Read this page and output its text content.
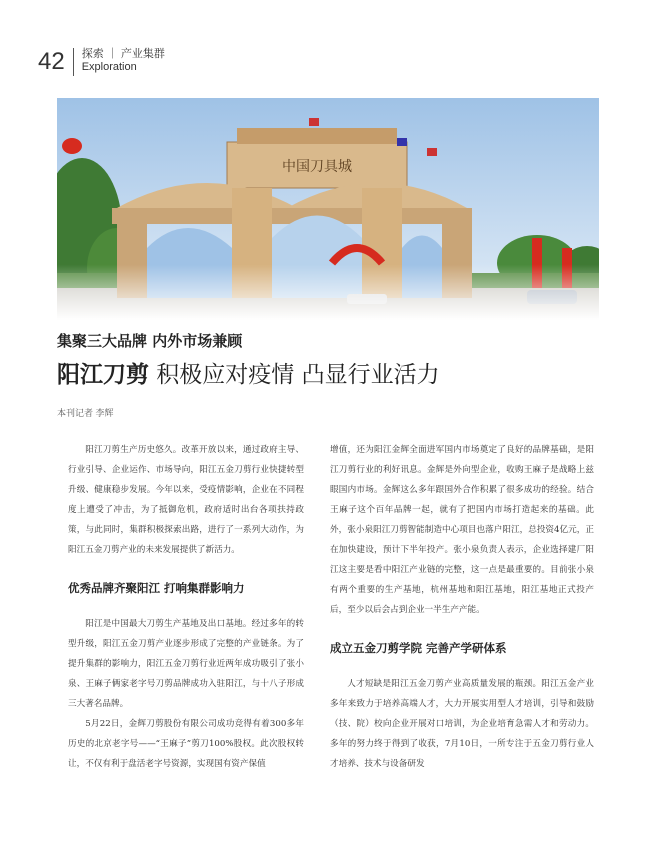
42 探索 ｜ 产业集群
Exploration
集聚三大品牌 内外市场兼顾
阳江刀剪 积极应对疫情 凸显行业活力
本刊记者 李辉

阳江刀剪生产历史悠久。改革开放以来，通过政府主导、行业引导、企业运作、市场导向，阳江五金刀剪行业快捷转型升级、健康稳步发展。今年以来，受疫情影响，企业在不同程度上遭受了冲击，为了抵御危机，政府适时出台各项扶持政策，与此同时，集群积极探索出路，进行了一系列大动作，为阳江五金刀剪产业的未来发展提供了新活力。

优秀品牌齐聚阳江 打响集群影响力

阳江是中国最大刀剪生产基地及出口基地。经过多年的转型升级，阳江五金刀剪产业逐步形成了完整的产业链条。为了提升集群的影响力，阳江五金刀剪行业近两年成功吸引了张小泉、王麻子俩家老字号刀剪品牌成功入驻阳江，与十八子形成三大著名品牌。

5月22日，金辉刀剪股份有限公司成功竞得有着300多年历史的北京老字号——“王麻子”剪刀100%股权。此次股权转让，不仅有利于盘活老字号资源，实现国有资产保值

增值，还为阳江金辉全面进军国内市场奠定了良好的品牌基础，是阳江刀剪行业的利好讯息。金辉是外向型企业，收购王麻子是战略上兹眼国内市场。金辉这么多年跟国外合作积累了很多成功的经验。结合王麻子这个百年品牌一起，就有了把国内市场打造起来的基础。此外，张小泉阳江刀剪智能制造中心项目也落户阳江，总投资4亿元，正在加快建设，预计下半年投产。张小泉负责人表示，企业选择建厂阳江这主要是看中阳江产业链的完整，这一点是最重要的。目前张小泉有两个重要的生产基地，杭州基地和阳江基地，阳江基地正式投产后，至少以后会占到企业一半生产产能。

成立五金刀剪学院 完善产学研体系

人才短缺是阳江五金刀剪产业高质量发展的瓶颈。阳江五金产业多年来致力于培养高端人才，大力开展实用型人才培训，引导和鼓励（技、院）校向企业开展对口培训，为企业培育急需人才和劳动力。多年的努力终于得到了收获，7月10日，一所专注于五金刀剪行业人才培养、技术与设备研发
